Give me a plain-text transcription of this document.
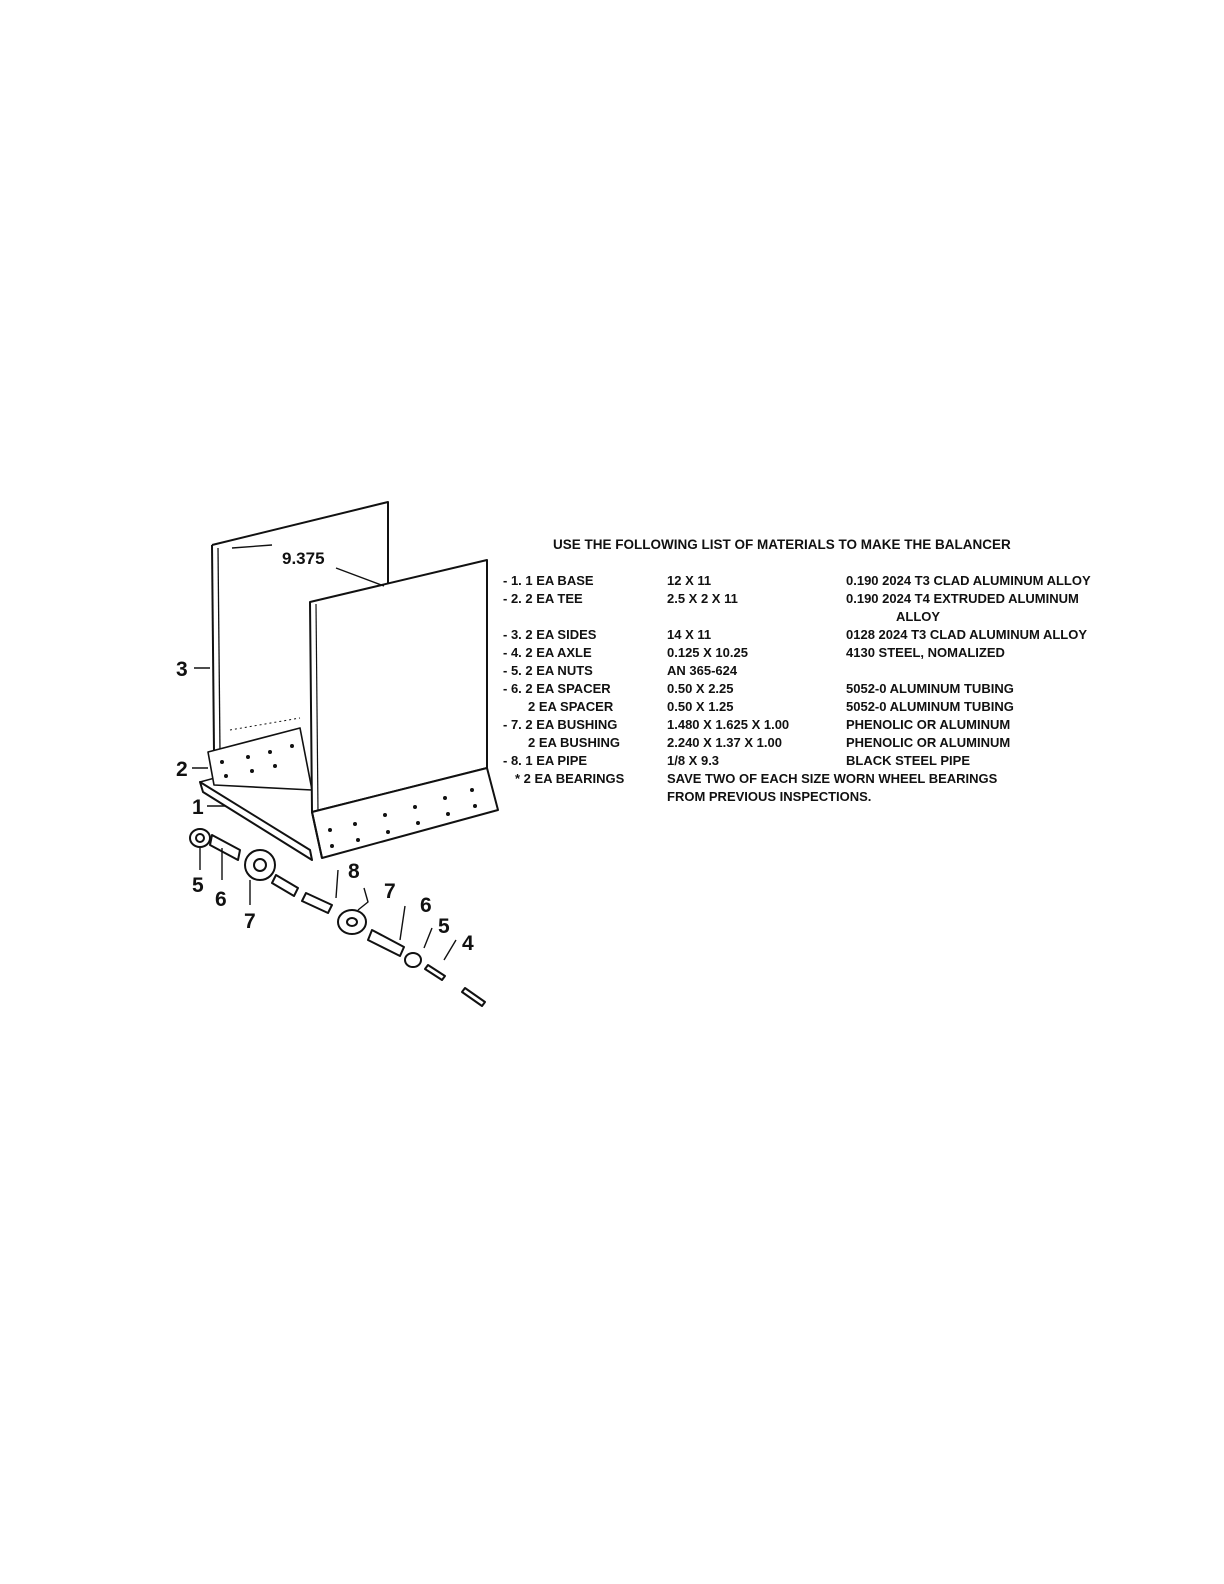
9.375
3
2
1
5
6
7
8
7
6
5
4
USE THE FOLLOWING LIST OF MATERIALS TO MAKE THE BALANCER
- 1. 1 EA BASE	12 X 11	0.190 2024 T3 CLAD ALUMINUM ALLOY
- 2. 2 EA TEE	2.5 X 2 X 11	0.190 2024 T4 EXTRUDED ALUMINUM
ALLOY
- 3. 2 EA SIDES	14 X 11	0128 2024 T3 CLAD ALUMINUM ALLOY
- 4. 2 EA AXLE	0.125 X 10.25	4130 STEEL, NOMALIZED
- 5. 2 EA NUTS	AN 365-624
- 6. 2 EA SPACER	0.50 X 2.25	5052-0 ALUMINUM TUBING
2 EA SPACER	0.50 X 1.25	5052-0 ALUMINUM TUBING
- 7. 2 EA BUSHING	1.480 X 1.625 X 1.00	PHENOLIC OR ALUMINUM
2 EA BUSHING	2.240 X 1.37 X 1.00	PHENOLIC OR ALUMINUM
- 8. 1 EA PIPE	1/8 X 9.3	BLACK STEEL PIPE
* 2 EA BEARINGS	SAVE TWO OF EACH SIZE WORN WHEEL BEARINGS
FROM PREVIOUS INSPECTIONS.
